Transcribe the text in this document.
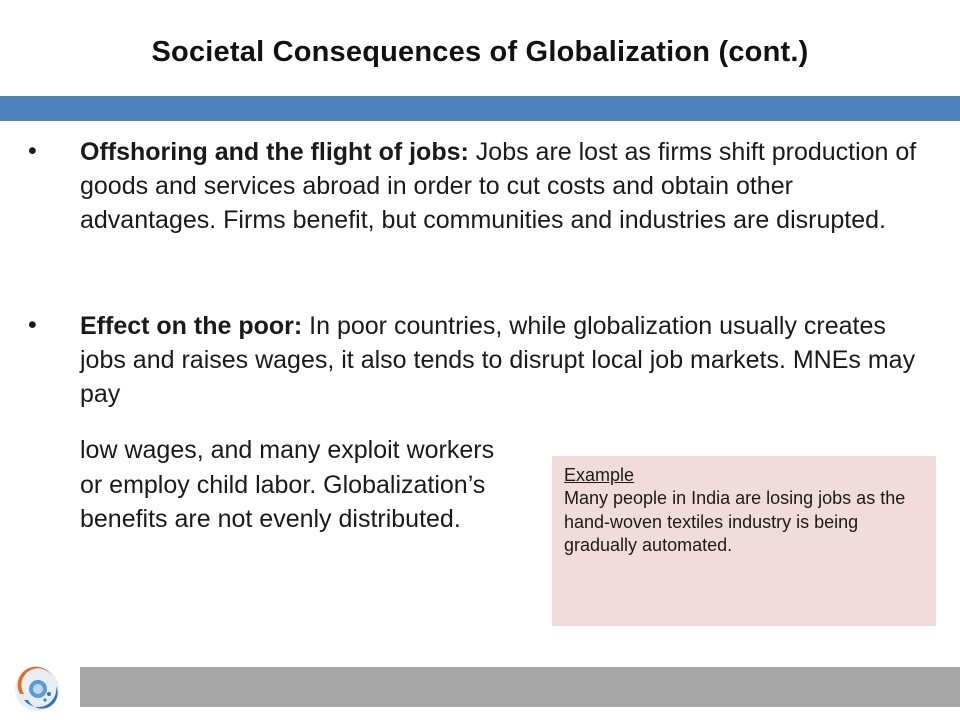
Societal Consequences of Globalization (cont.)
• Offshoring and the flight of jobs: Jobs are lost as firms shift production of goods and services abroad in order to cut costs and obtain other advantages. Firms benefit, but communities and industries are disrupted.
• Effect on the poor: In poor countries, while globalization usually creates jobs and raises wages, it also tends to disrupt local job markets. MNEs may pay
low wages, and many exploit workers or employ child labor. Globalization’s benefits are not evenly distributed.
Example
Many people in India are losing jobs as the hand-woven textiles industry is being gradually automated.
